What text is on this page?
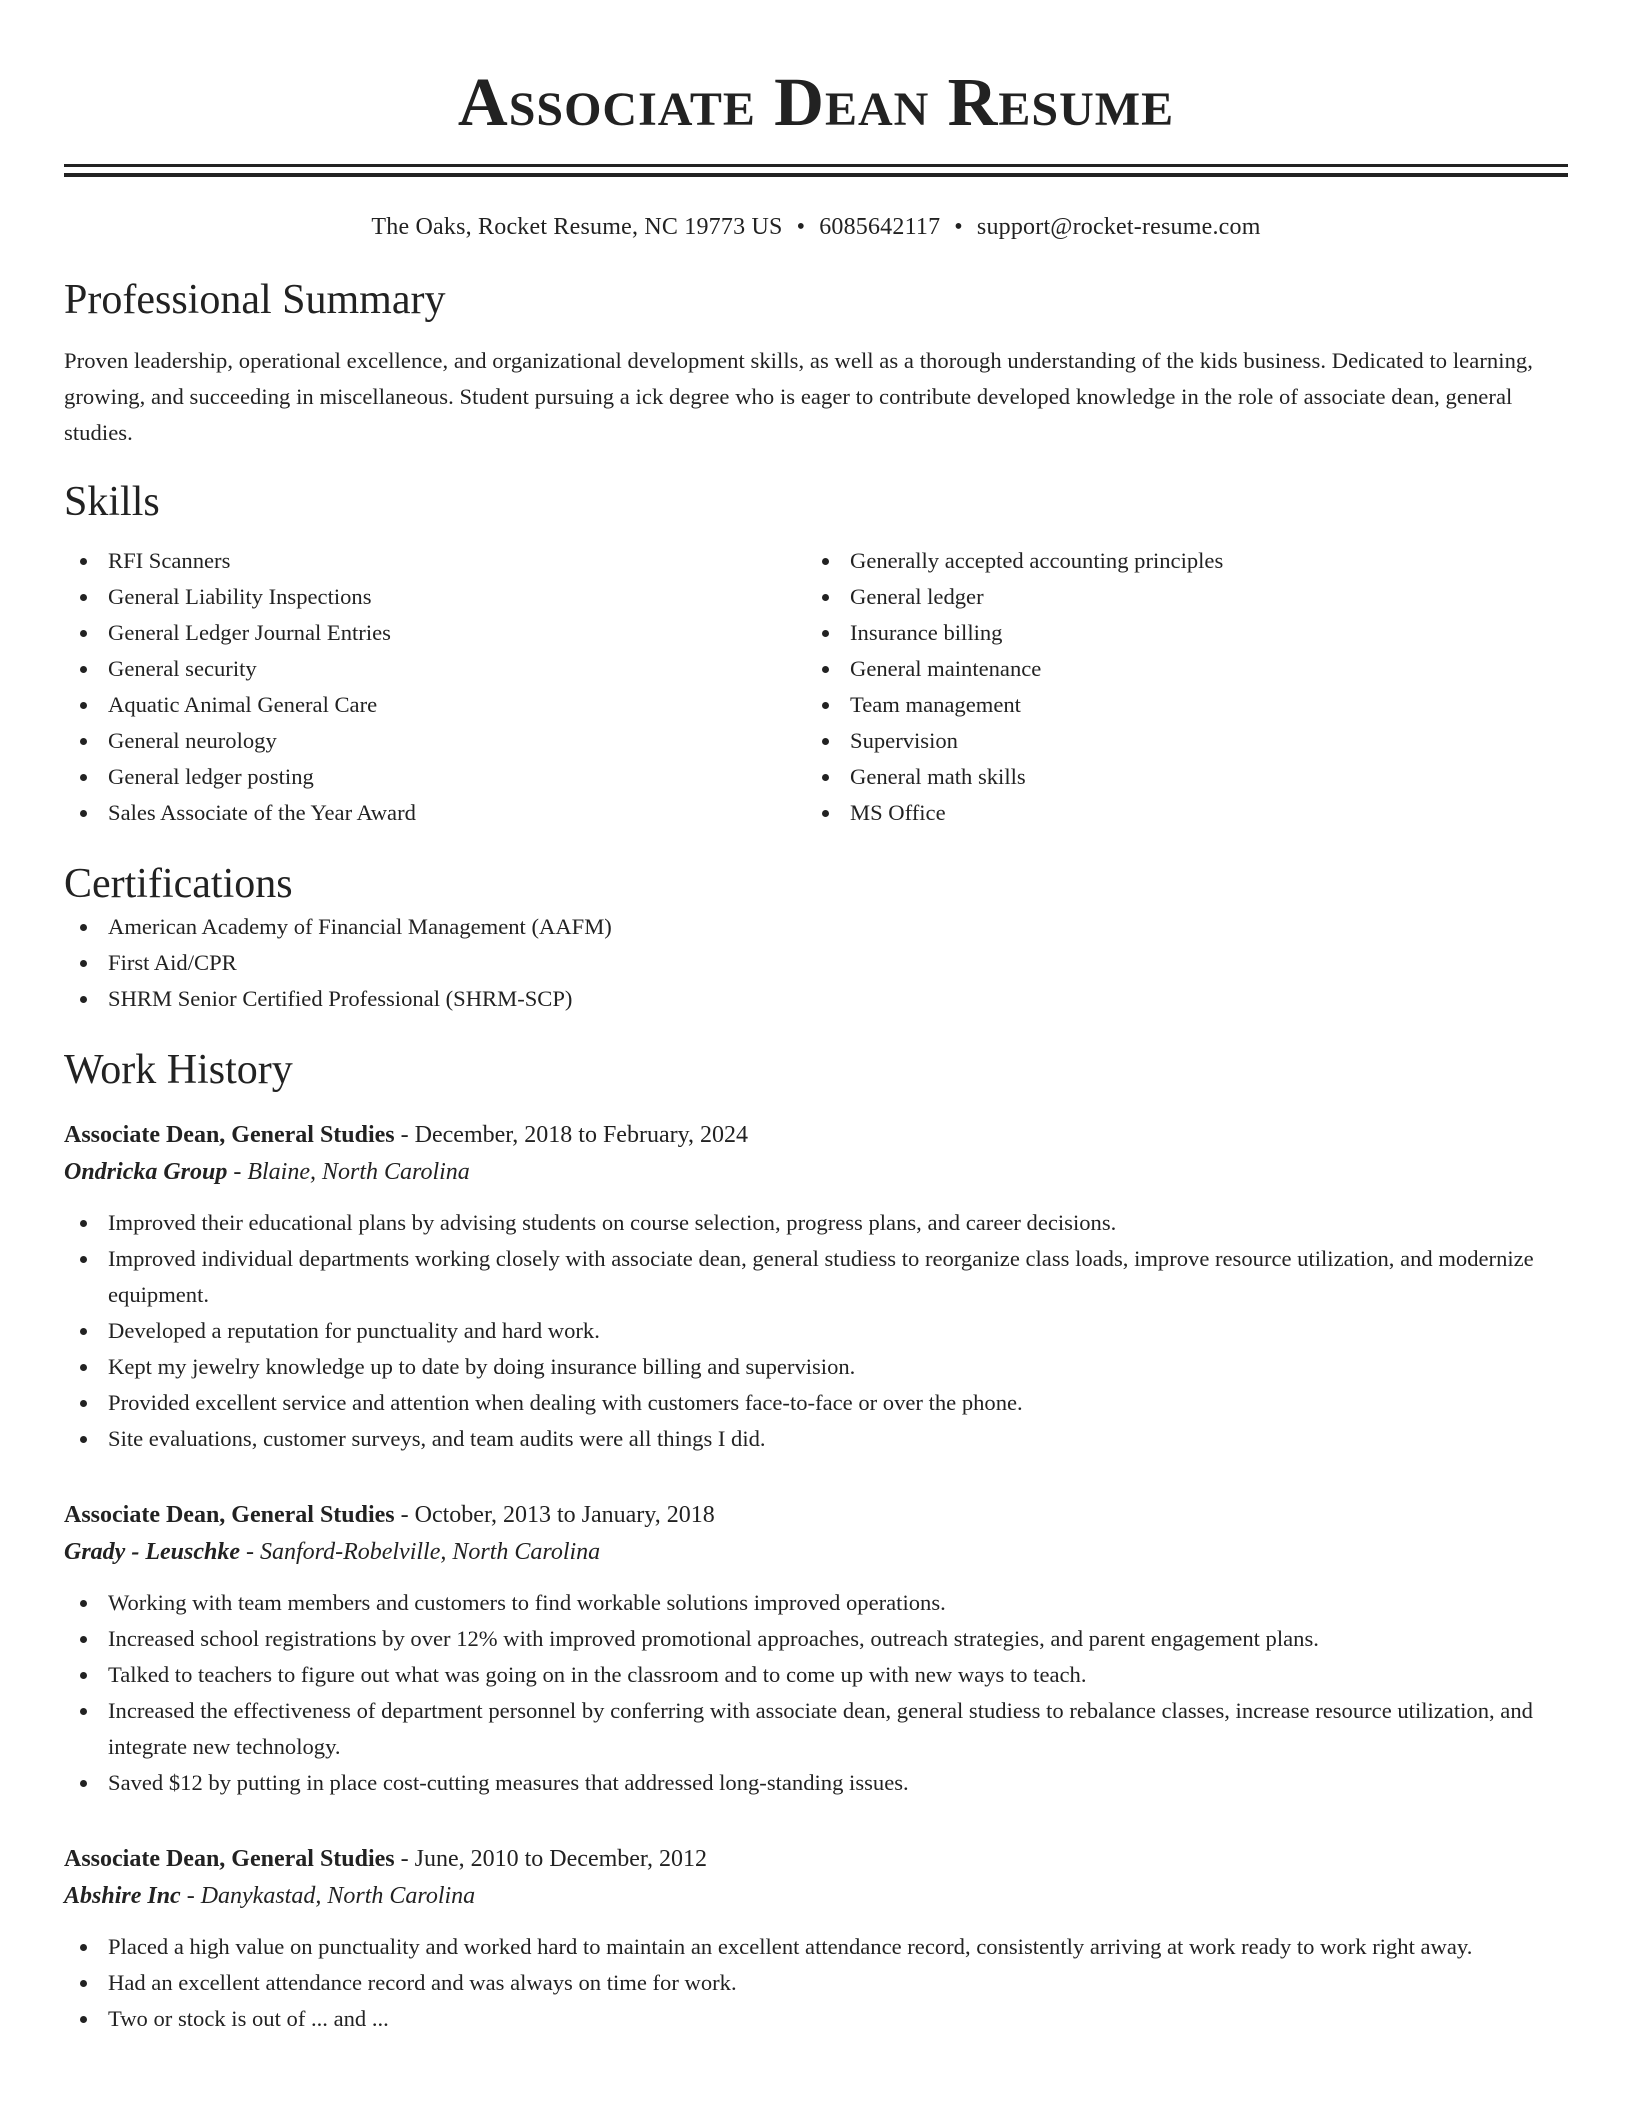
Associate Dean Resume
The Oaks, Rocket Resume, NC 19773 US • 6085642117 • support@rocket-resume.com
Professional Summary
Proven leadership, operational excellence, and organizational development skills, as well as a thorough understanding of the kids business. Dedicated to learning, growing, and succeeding in miscellaneous. Student pursuing a ick degree who is eager to contribute developed knowledge in the role of associate dean, general studies.
Skills
RFI Scanners
General Liability Inspections
General Ledger Journal Entries
General security
Aquatic Animal General Care
General neurology
General ledger posting
Sales Associate of the Year Award
Generally accepted accounting principles
General ledger
Insurance billing
General maintenance
Team management
Supervision
General math skills
MS Office
Certifications
American Academy of Financial Management (AAFM)
First Aid/CPR
SHRM Senior Certified Professional (SHRM-SCP)
Work History
Associate Dean, General Studies - December, 2018 to February, 2024
Ondricka Group - Blaine, North Carolina
Improved their educational plans by advising students on course selection, progress plans, and career decisions.
Improved individual departments working closely with associate dean, general studiess to reorganize class loads, improve resource utilization, and modernize equipment.
Developed a reputation for punctuality and hard work.
Kept my jewelry knowledge up to date by doing insurance billing and supervision.
Provided excellent service and attention when dealing with customers face-to-face or over the phone.
Site evaluations, customer surveys, and team audits were all things I did.
Associate Dean, General Studies - October, 2013 to January, 2018
Grady - Leuschke - Sanford-Robelville, North Carolina
Working with team members and customers to find workable solutions improved operations.
Increased school registrations by over 12% with improved promotional approaches, outreach strategies, and parent engagement plans.
Talked to teachers to figure out what was going on in the classroom and to come up with new ways to teach.
Increased the effectiveness of department personnel by conferring with associate dean, general studiess to rebalance classes, increase resource utilization, and integrate new technology.
Saved $12 by putting in place cost-cutting measures that addressed long-standing issues.
Associate Dean, General Studies - June, 2010 to December, 2012
Abshire Inc - Danykastad, North Carolina
Placed a high value on punctuality and worked hard to maintain an excellent attendance record, consistently arriving at work ready to work right away.
Had an excellent attendance record and was always on time for work.
Two or stock is out of ... and ...
